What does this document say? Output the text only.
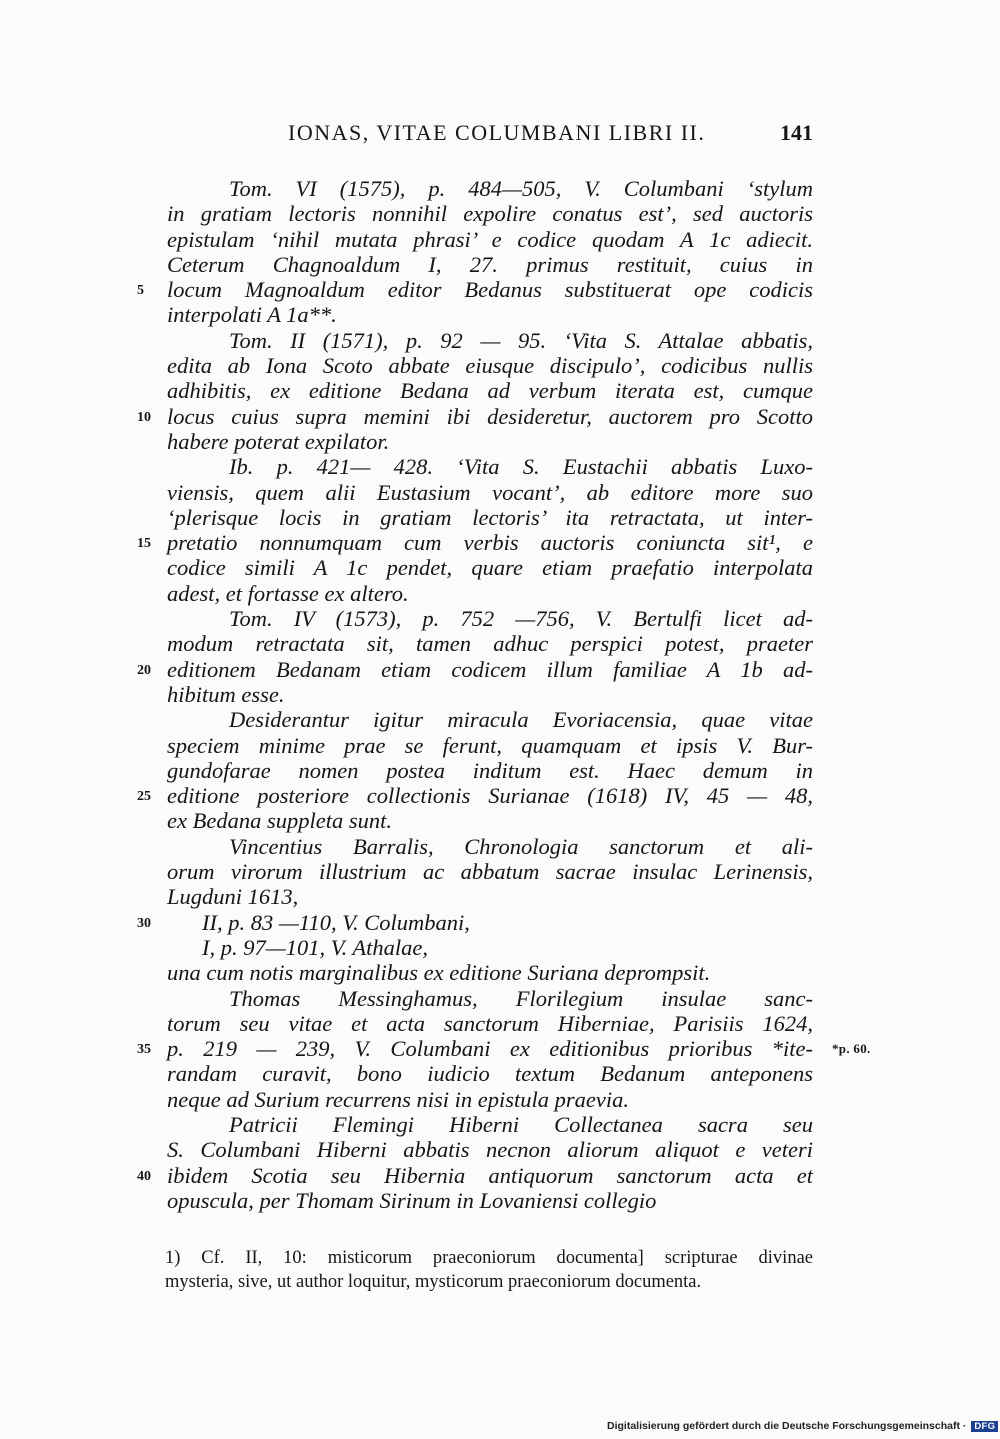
IONAS, VITAE COLUMBANI LIBRI II.	141
Tom. VI (1575), p. 484—505, V. Columbani ‘stylum
in gratiam lectoris nonnihil expolire conatus est’, sed auctoris
epistulam ‘nihil mutata phrasi’ e codice quodam A 1c adiecit.
Ceterum Chagnoaldum I, 27. primus restituit, cuius in
5	locum Magnoaldum editor Bedanus substituerat ope codicis
interpolati A 1a**.
Tom. II (1571), p. 92 — 95. ‘Vita S. Attalae abbatis,
edita ab Iona Scoto abbate eiusque discipulo’, codicibus nullis
adhibitis, ex editione Bedana ad verbum iterata est, cumque
10 locus cuius supra memini ibi desideretur, auctorem pro Scotto
habere poterat expilator.
Ib. p. 421— 428. ‘Vita S. Eustachii abbatis Luxo-
viensis, quem alii Eustasium vocant’, ab editore more suo
‘plerisque locis in gratiam lectoris’ ita retractata, ut inter-
15 pretatio nonnumquam cum verbis auctoris coniuncta sit¹, e
codice simili A 1c pendet, quare etiam praefatio interpolata
adest, et fortasse ex altero.
Tom. IV (1573), p. 752 —756, V. Bertulfi licet ad-
modum retractata sit, tamen adhuc perspici potest, praeter
20 editionem Bedanam etiam codicem illum familiae A 1b ad-
hibitum esse.
Desiderantur igitur miracula Evoriacensia, quae vitae
speciem minime prae se ferunt, quamquam et ipsis V. Bur-
gundofarae nomen postea inditum est. Haec demum in
25 editione posteriore collectionis Surianae (1618) IV, 45 — 48,
ex Bedana suppleta sunt.
Vincentius Barralis, Chronologia sanctorum et ali-
orum virorum illustrium ac abbatum sacrae insulac Lerinensis,
Lugduni 1613,
30	II, p. 83 —110, V. Columbani,
I, p. 97—101, V. Athalae,
una cum notis marginalibus ex editione Suriana deprompsit.
Thomas Messinghamus, Florilegium insulae sanc-
torum seu vitae et acta sanctorum Hiberniae, Parisiis 1624,
35 p. 219 — 239, V. Columbani ex editionibus prioribus *ite- *p. 60.
randam curavit, bono iudicio textum Bedanum anteponens
neque ad Surium recurrens nisi in epistula praevia.
Patricii Flemingi Hiberni Collectanea sacra seu
S. Columbani Hiberni abbatis necnon aliorum aliquot e veteri
40 ibidem Scotia seu Hibernia antiquorum sanctorum acta et
opuscula, per Thomam Sirinum in Lovaniensi collegio
1) Cf. II, 10: misticorum praeconiorum documenta] scripturae divinae
mysteria, sive, ut author loquitur, mysticorum praeconiorum documenta.
Digitalisierung gefördert durch die Deutsche Forschungsgemeinschaft · DFG
